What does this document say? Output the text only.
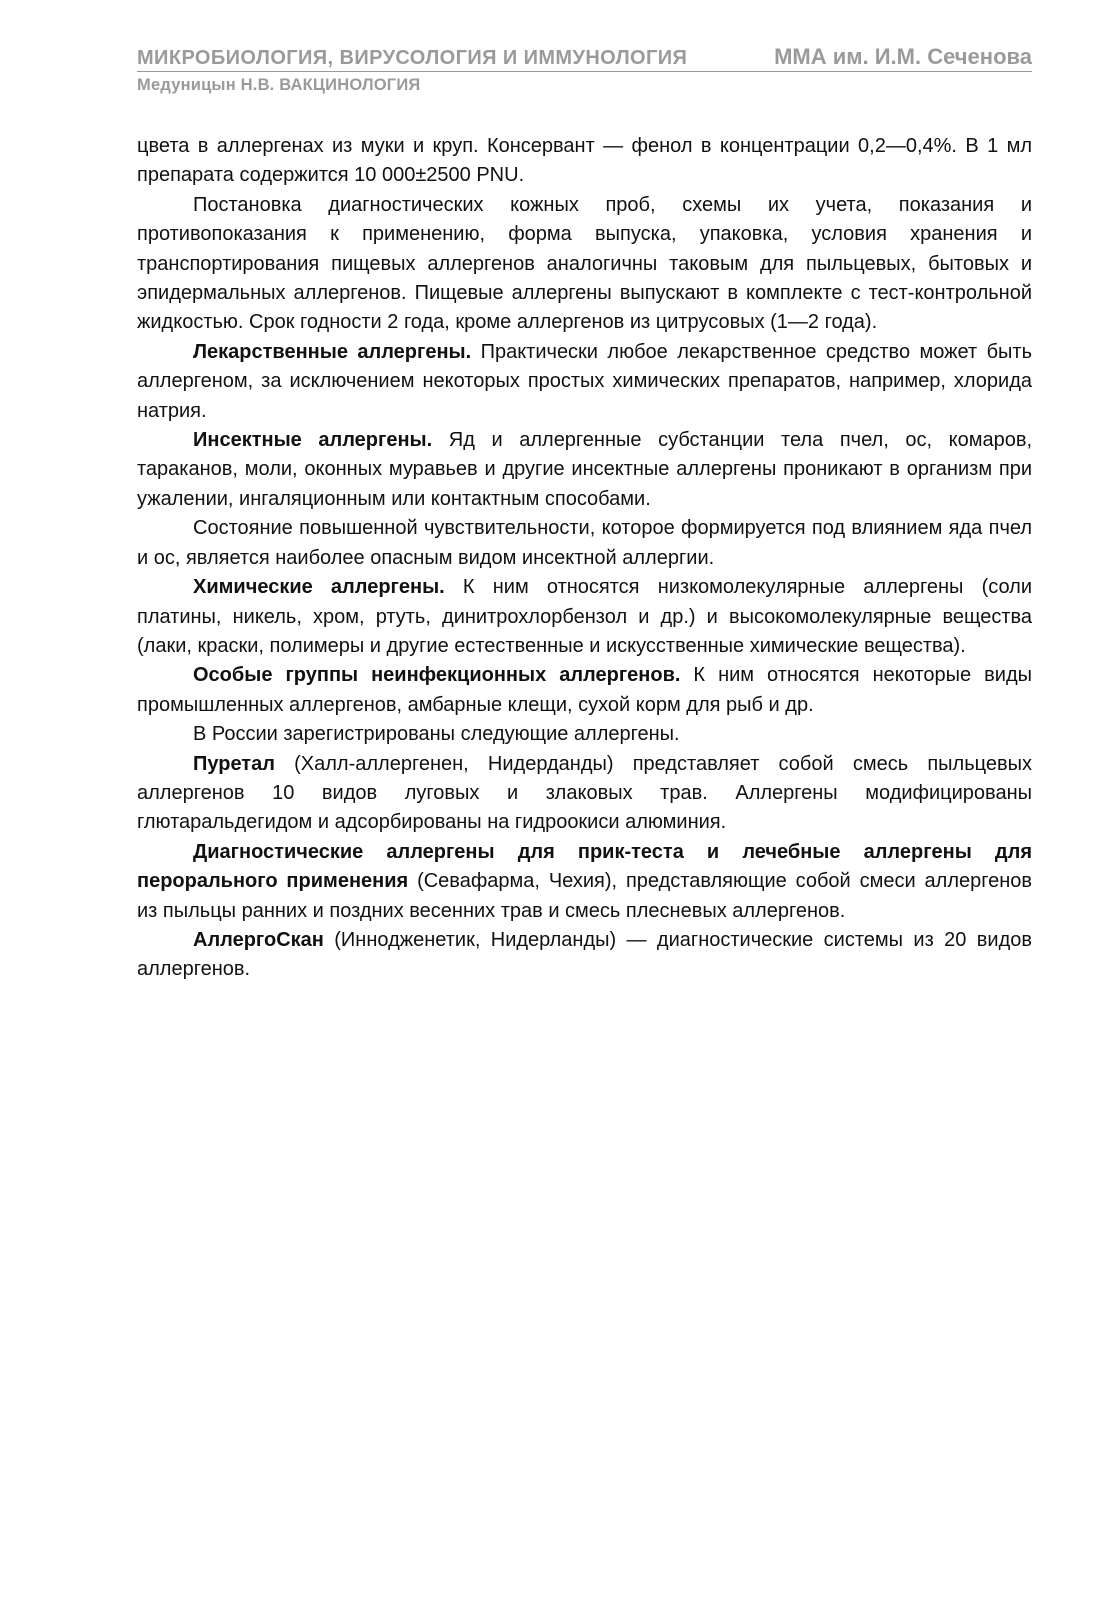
МИКРОБИОЛОГИЯ, ВИРУСОЛОГИЯ И ИММУНОЛОГИЯ	ММА им. И.М. Сеченова
Медуницын Н.В. ВАКЦИНОЛОГИЯ

цвета в аллергенах из муки и круп. Консервант — фенол в концентрации 0,2—0,4%. В 1 мл препарата содержится 10 000±2500 PNU.

Постановка диагностических кожных проб, схемы их учета, показания и противопоказания к применению, форма выпуска, упаковка, условия хранения и транспортирования пищевых аллергенов аналогичны таковым для пыльцевых, бытовых и эпидермальных аллергенов. Пищевые аллергены выпускают в комплекте с тест-контрольной жидкостью. Срок годности 2 года, кроме аллергенов из цитрусовых (1—2 года).

Лекарственные аллергены. Практически любое лекарственное средство может быть аллергеном, за исключением некоторых простых химических препаратов, например, хлорида натрия.

Инсектные аллергены. Яд и аллергенные субстанции тела пчел, ос, комаров, тараканов, моли, оконных муравьев и другие инсектные аллергены проникают в организм при ужалении, ингаляционным или контактным способами.

Состояние повышенной чувствительности, которое формируется под влиянием яда пчел и ос, является наиболее опасным видом инсектной аллергии.

Химические аллергены. К ним относятся низкомолекулярные аллергены (соли платины, никель, хром, ртуть, динитрохлорбензол и др.) и высокомолекулярные вещества (лаки, краски, полимеры и другие естественные и искусственные химические вещества).

Особые группы неинфекционных аллергенов. К ним относятся некоторые виды промышленных аллергенов, амбарные клещи, сухой корм для рыб и др.

В России зарегистрированы следующие аллергены.

Пуретал (Халл-аллергенен, Нидерданды) представляет собой смесь пыльцевых аллергенов 10 видов луговых и злаковых трав. Аллергены модифицированы глютаральдегидом и адсорбированы на гидроокиси алюминия.

Диагностические аллергены для прик-теста и лечебные аллергены для перорального применения (Севафарма, Чехия), представляющие собой смеси аллергенов из пыльцы ранних и поздних весенних трав и смесь плесневых аллергенов.

АллергоСкан (Иннодженетик, Нидерланды) — диагностические системы из 20 видов аллергенов.
